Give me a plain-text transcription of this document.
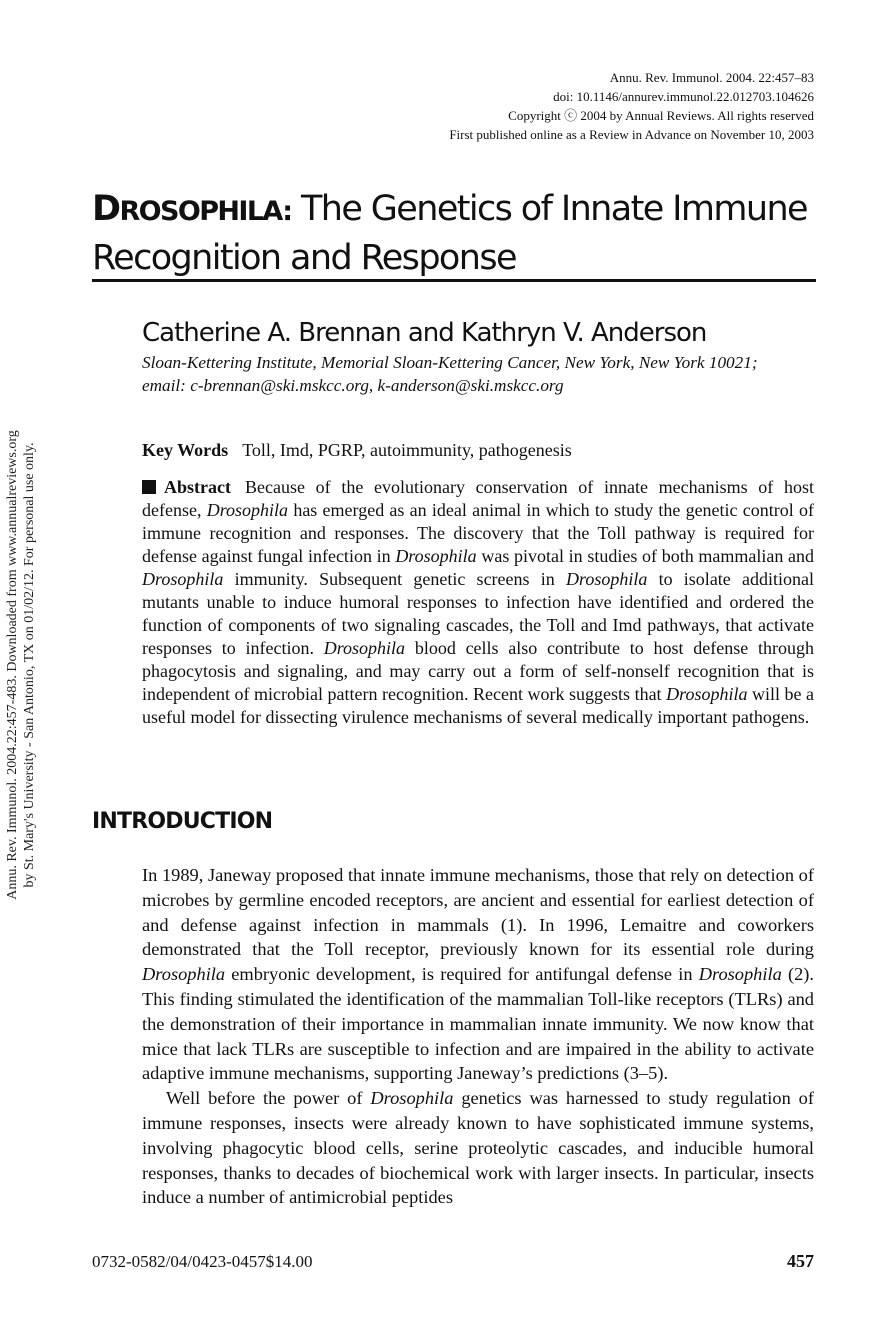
Annu. Rev. Immunol. 2004. 22:457–83
doi: 10.1146/annurev.immunol.22.012703.104626
Copyright ⓒ 2004 by Annual Reviews. All rights reserved
First published online as a Review in Advance on November 10, 2003
DROSOPHILA: The Genetics of Innate Immune
Recognition and Response
Catherine A. Brennan and Kathryn V. Anderson
Sloan-Kettering Institute, Memorial Sloan-Kettering Cancer, New York, New York 10021;
email: c-brennan@ski.mskcc.org, k-anderson@ski.mskcc.org
Key Words Toll, Imd, PGRP, autoimmunity, pathogenesis
Abstract Because of the evolutionary conservation of innate mechanisms of host defense, Drosophila has emerged as an ideal animal in which to study the genetic control of immune recognition and responses. The discovery that the Toll pathway is required for defense against fungal infection in Drosophila was pivotal in studies of both mammalian and Drosophila immunity. Subsequent genetic screens in Drosophila to isolate additional mutants unable to induce humoral responses to infection have identified and ordered the function of components of two signaling cascades, the Toll and Imd pathways, that activate responses to infection. Drosophila blood cells also contribute to host defense through phagocytosis and signaling, and may carry out a form of self-nonself recognition that is independent of microbial pattern recognition. Recent work suggests that Drosophila will be a useful model for dissecting virulence mechanisms of several medically important pathogens.
INTRODUCTION

In 1989, Janeway proposed that innate immune mechanisms, those that rely on detection of microbes by germline encoded receptors, are ancient and essential for earliest detection of and defense against infection in mammals (1). In 1996, Lemaitre and coworkers demonstrated that the Toll receptor, previously known for its essential role during Drosophila embryonic development, is required for antifungal defense in Drosophila (2). This finding stimulated the identification of the mammalian Toll-like receptors (TLRs) and the demonstration of their importance in mammalian innate immunity. We now know that mice that lack TLRs are susceptible to infection and are impaired in the ability to activate adaptive immune mechanisms, supporting Janeway’s predictions (3–5).

Well before the power of Drosophila genetics was harnessed to study regulation of immune responses, insects were already known to have sophisticated immune systems, involving phagocytic blood cells, serine proteolytic cascades, and inducible humoral responses, thanks to decades of biochemical work with larger insects. In particular, insects induce a number of antimicrobial peptides

0732-0582/04/0423-0457$14.00	457
Annu. Rev. Immunol. 2004.22:457-483. Downloaded from www.annualreviews.org by St. Mary's University - San Antonio, TX on 01/02/12. For personal use only.
